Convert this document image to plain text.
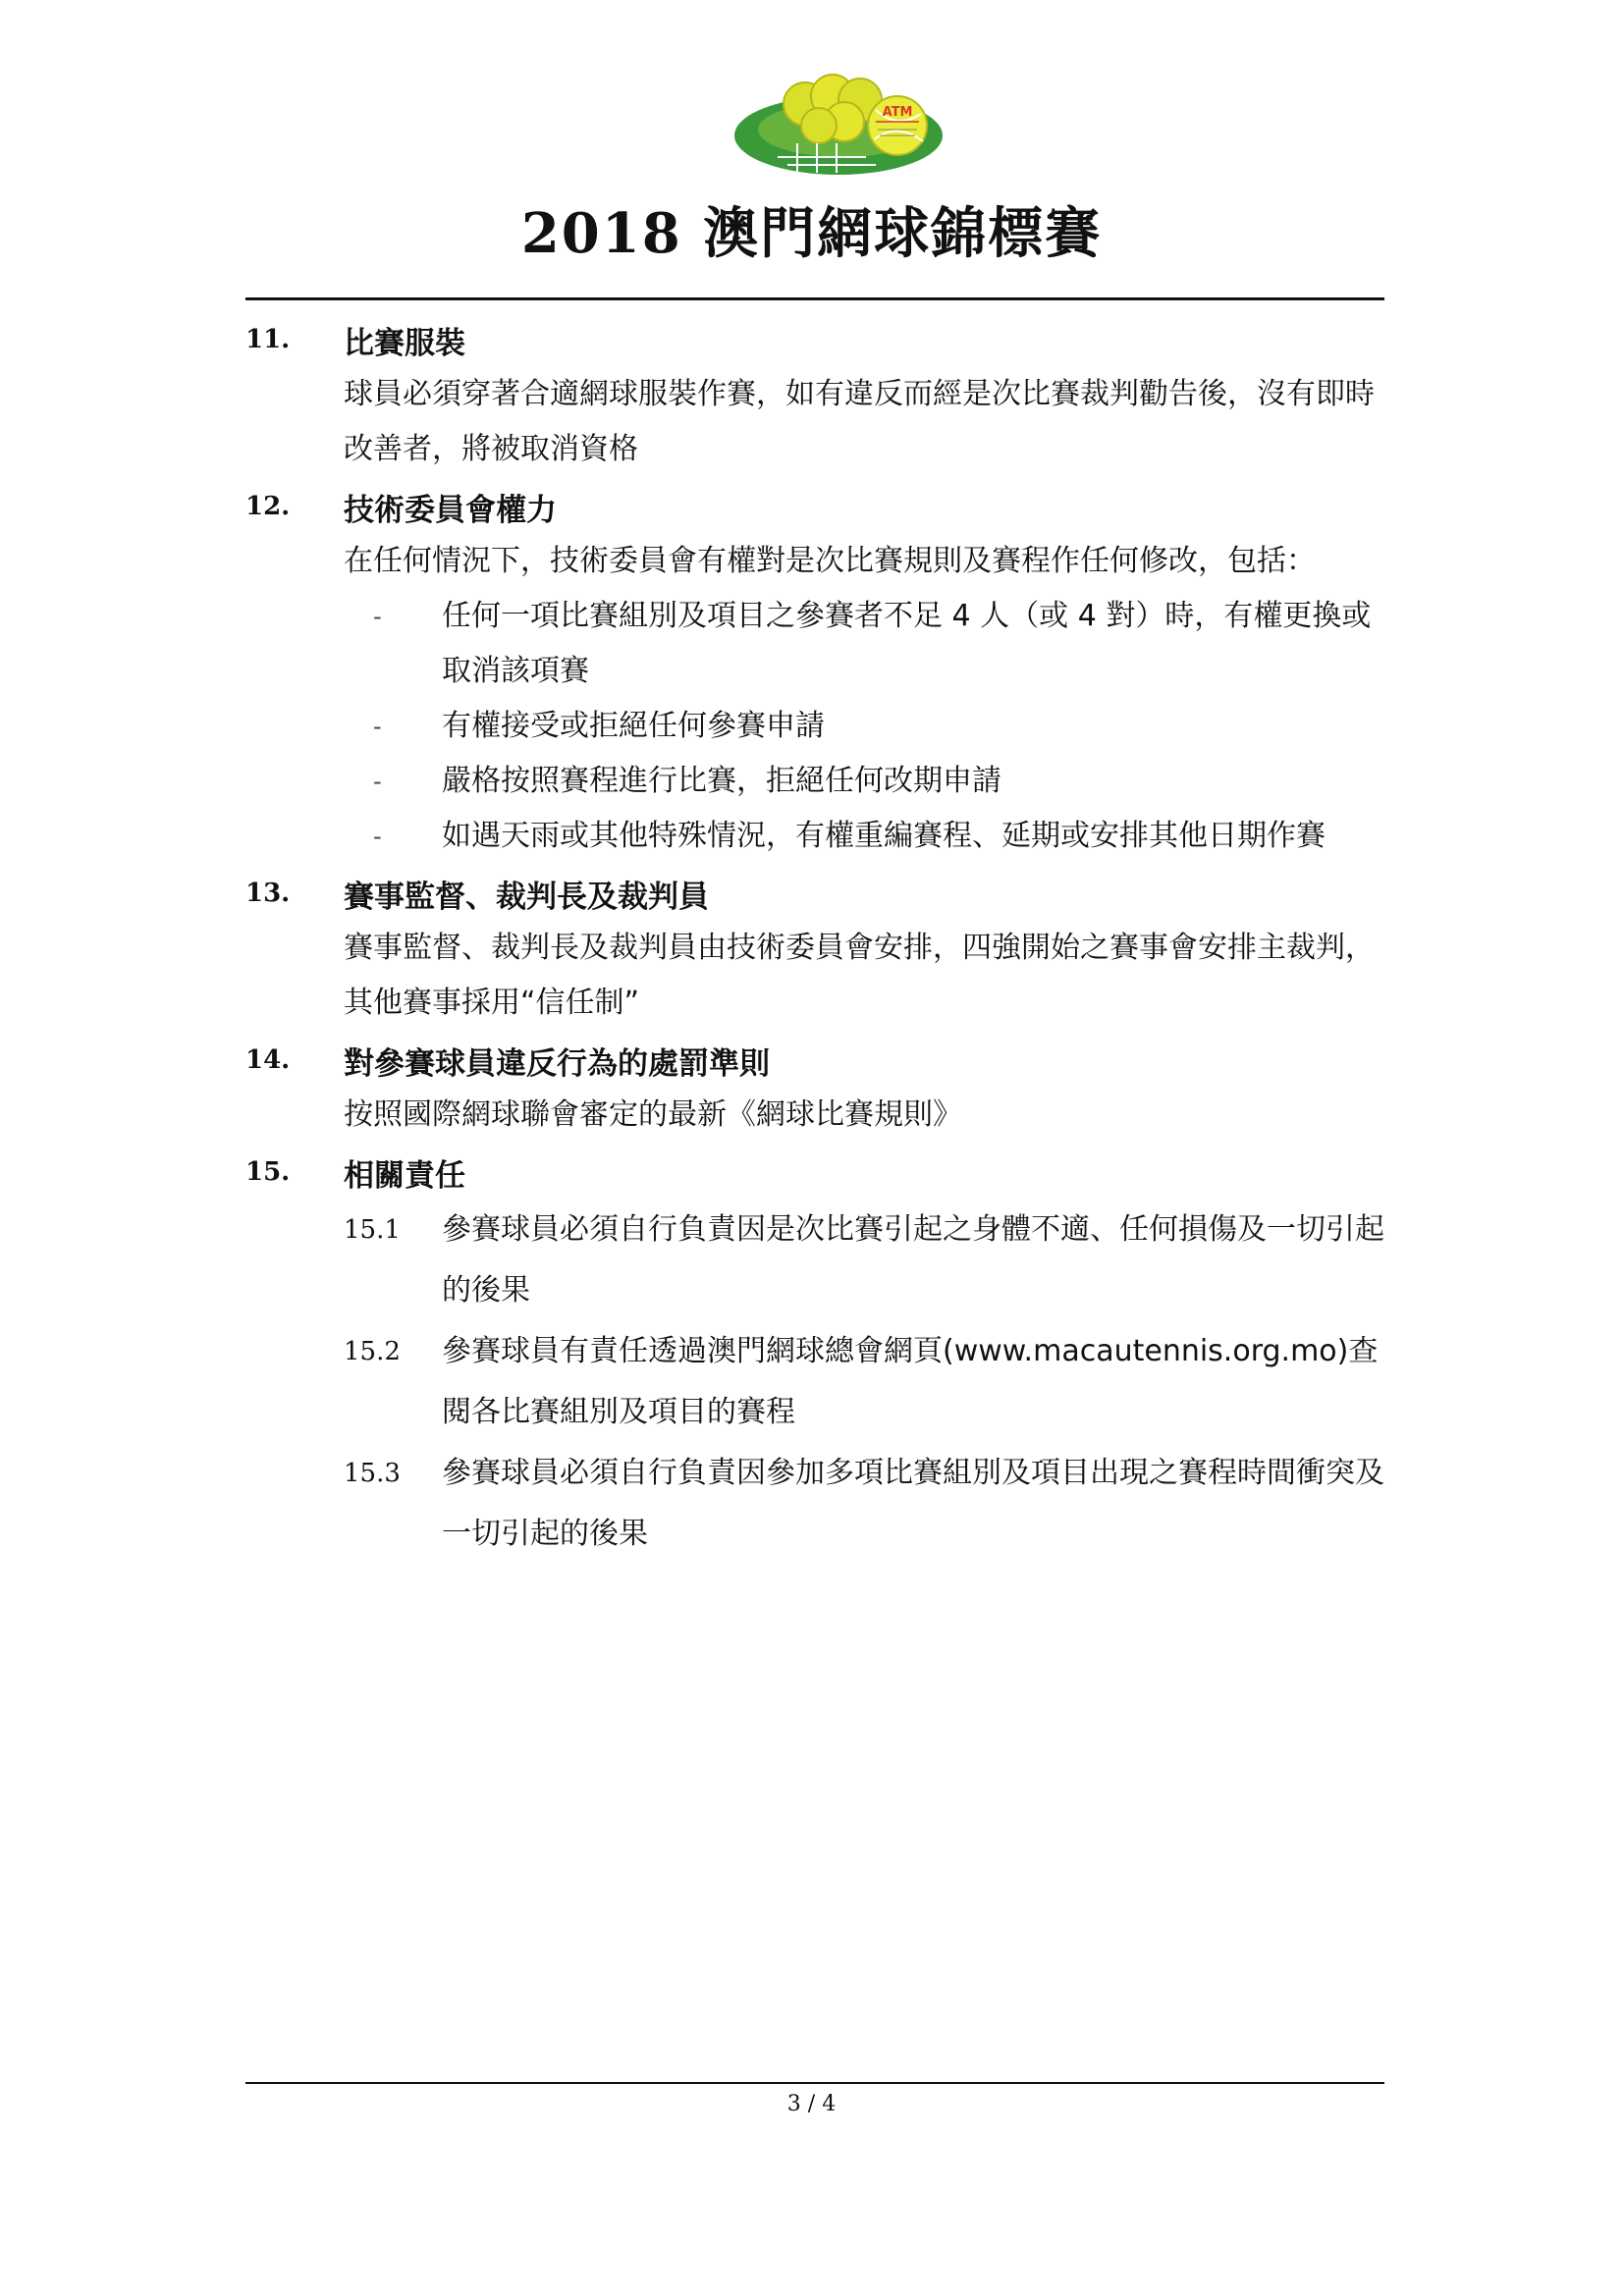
ATM
2018 澳門網球錦標賽
11.	比賽服裝
球員必須穿著合適網球服裝作賽，如有違反而經是次比賽裁判勸告後，沒有即時改善者，將被取消資格
12.	技術委員會權力
在任何情況下，技術委員會有權對是次比賽規則及賽程作任何修改，包括：
-	任何一項比賽組別及項目之參賽者不足 4 人（或 4 對）時，有權更換或取消該項賽
-	有權接受或拒絕任何參賽申請
-	嚴格按照賽程進行比賽，拒絕任何改期申請
-	如遇天雨或其他特殊情況，有權重編賽程、延期或安排其他日期作賽
13.	賽事監督、裁判長及裁判員
賽事監督、裁判長及裁判員由技術委員會安排，四強開始之賽事會安排主裁判，其他賽事採用“信任制”
14.	對參賽球員違反行為的處罰準則
按照國際網球聯會審定的最新《網球比賽規則》
15.	相關責任
15.1	參賽球員必須自行負責因是次比賽引起之身體不適、任何損傷及一切引起的後果
15.2	參賽球員有責任透過澳門網球總會網頁(www.macautennis.org.mo)查閱各比賽組別及項目的賽程
15.3	參賽球員必須自行負責因參加多項比賽組別及項目出現之賽程時間衝突及一切引起的後果
3 / 4
